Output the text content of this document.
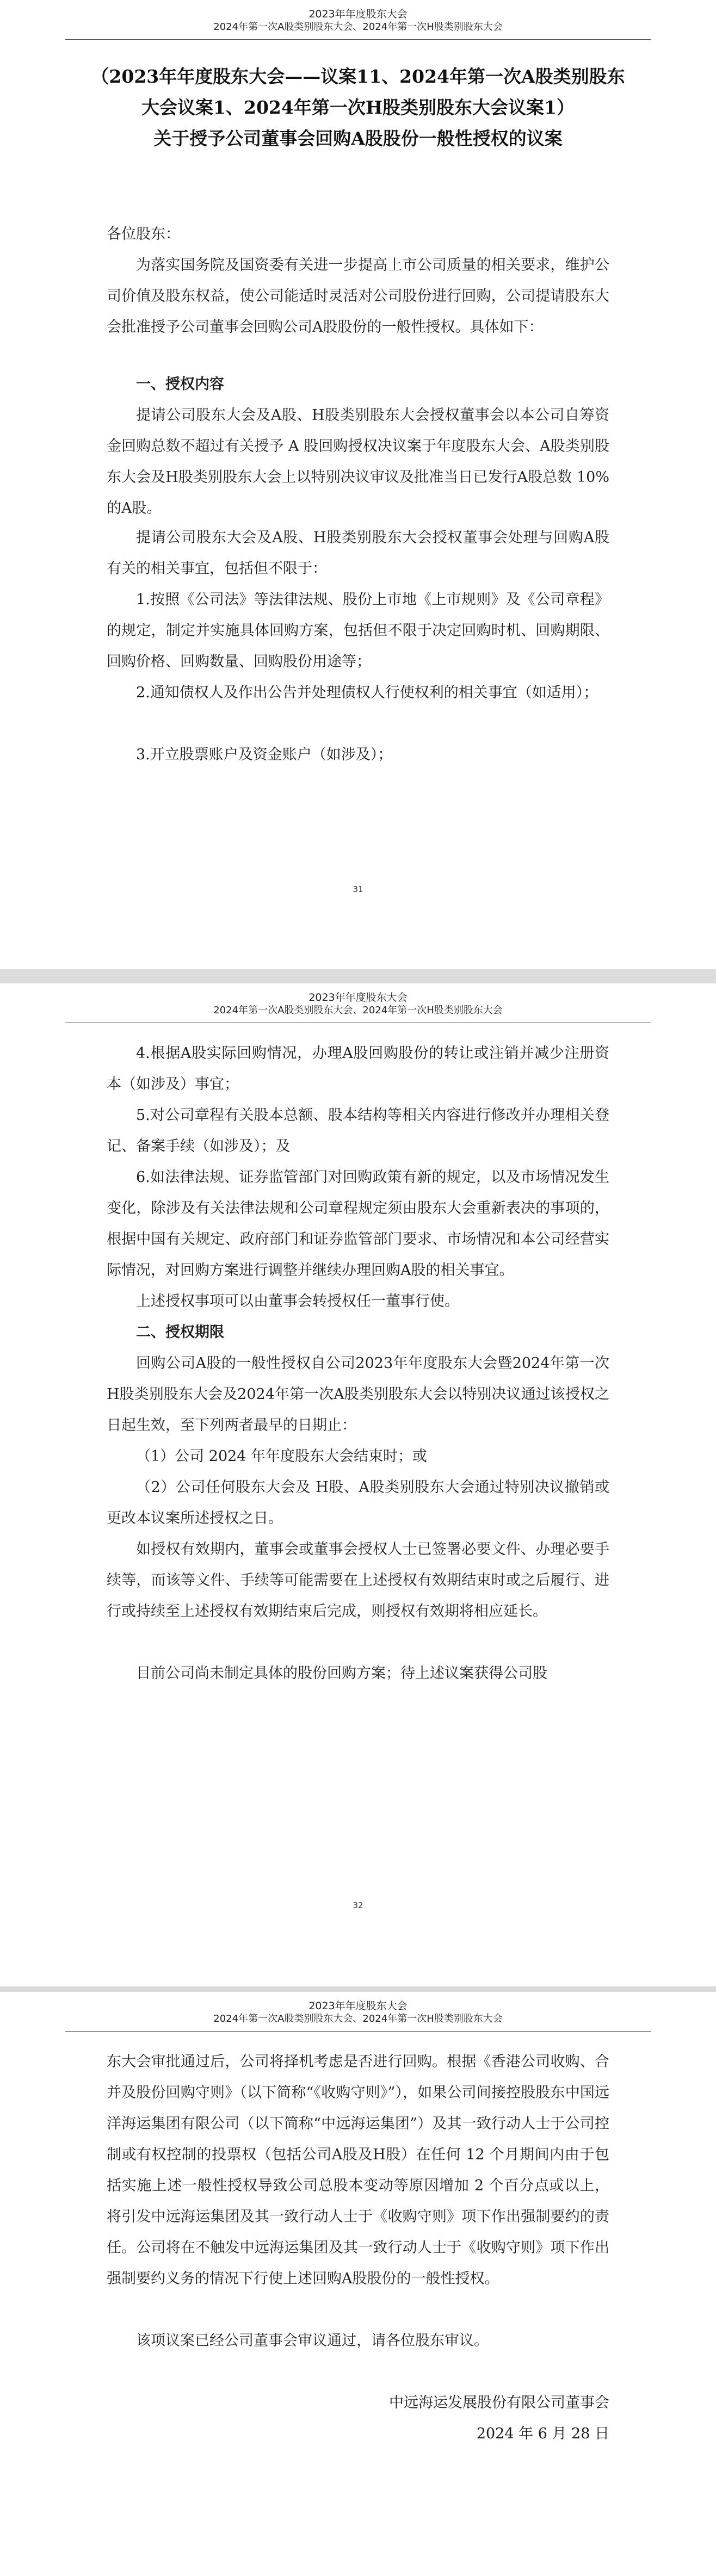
2023年年度股东大会
2024年第一次A股类别股东大会、2024年第一次H股类别股东大会
（2023年年度股东大会——议案11、2024年第一次A股类别股东
大会议案1、2024年第一次H股类别股东大会议案1）
关于授予公司董事会回购A股股份一般性授权的议案
各位股东：
为落实国务院及国资委有关进一步提高上市公司质量的相关要求，维护公司价值及股东权益，使公司能适时灵活对公司股份进行回购，公司提请股东大会批准授予公司董事会回购公司A股股份的一般性授权。具体如下：
一、授权内容
提请公司股东大会及A股、H股类别股东大会授权董事会以本公司自筹资金回购总数不超过有关授予 A 股回购授权决议案于年度股东大会、A股类别股东大会及H股类别股东大会上以特别决议审议及批准当日已发行A股总数 10%的A股。
提请公司股东大会及A股、H股类别股东大会授权董事会处理与回购A股有关的相关事宜，包括但不限于：
1.按照《公司法》等法律法规、股份上市地《上市规则》及《公司章程》的规定，制定并实施具体回购方案，包括但不限于决定回购时机、回购期限、回购价格、回购数量、回购股份用途等；
2.通知债权人及作出公告并处理债权人行使权利的相关事宜（如适用）；
3.开立股票账户及资金账户（如涉及）；
31
2023年年度股东大会
2024年第一次A股类别股东大会、2024年第一次H股类别股东大会
4.根据A股实际回购情况，办理A股回购股份的转让或注销并减少注册资本（如涉及）事宜；
5.对公司章程有关股本总额、股本结构等相关内容进行修改并办理相关登记、备案手续（如涉及）；及
6.如法律法规、证券监管部门对回购政策有新的规定，以及市场情况发生变化，除涉及有关法律法规和公司章程规定须由股东大会重新表决的事项的，根据中国有关规定、政府部门和证券监管部门要求、市场情况和本公司经营实际情况，对回购方案进行调整并继续办理回购A股的相关事宜。
上述授权事项可以由董事会转授权任一董事行使。
二、授权期限
回购公司A股的一般性授权自公司2023年年度股东大会暨2024年第一次H股类别股东大会及2024年第一次A股类别股东大会以特别决议通过该授权之日起生效，至下列两者最早的日期止：
（1）公司 2024 年年度股东大会结束时；或
（2）公司任何股东大会及 H股、A股类别股东大会通过特别决议撤销或更改本议案所述授权之日。
如授权有效期内，董事会或董事会授权人士已签署必要文件、办理必要手续等，而该等文件、手续等可能需要在上述授权有效期结束时或之后履行、进行或持续至上述授权有效期结束后完成，则授权有效期将相应延长。
目前公司尚未制定具体的股份回购方案；待上述议案获得公司股
32
2023年年度股东大会
2024年第一次A股类别股东大会、2024年第一次H股类别股东大会
东大会审批通过后，公司将择机考虑是否进行回购。根据《香港公司收购、合并及股份回购守则》（以下简称“《收购守则》”），如果公司间接控股股东中国远洋海运集团有限公司（以下简称“中远海运集团”）及其一致行动人士于公司控制或有权控制的投票权（包括公司A股及H股）在任何 12 个月期间内由于包括实施上述一般性授权导致公司总股本变动等原因增加 2 个百分点或以上，将引发中远海运集团及其一致行动人士于《收购守则》项下作出强制要约的责任。公司将在不触发中远海运集团及其一致行动人士于《收购守则》项下作出强制要约义务的情况下行使上述回购A股股份的一般性授权。
该项议案已经公司董事会审议通过，请各位股东审议。
中远海运发展股份有限公司董事会
2024 年 6 月 28 日
